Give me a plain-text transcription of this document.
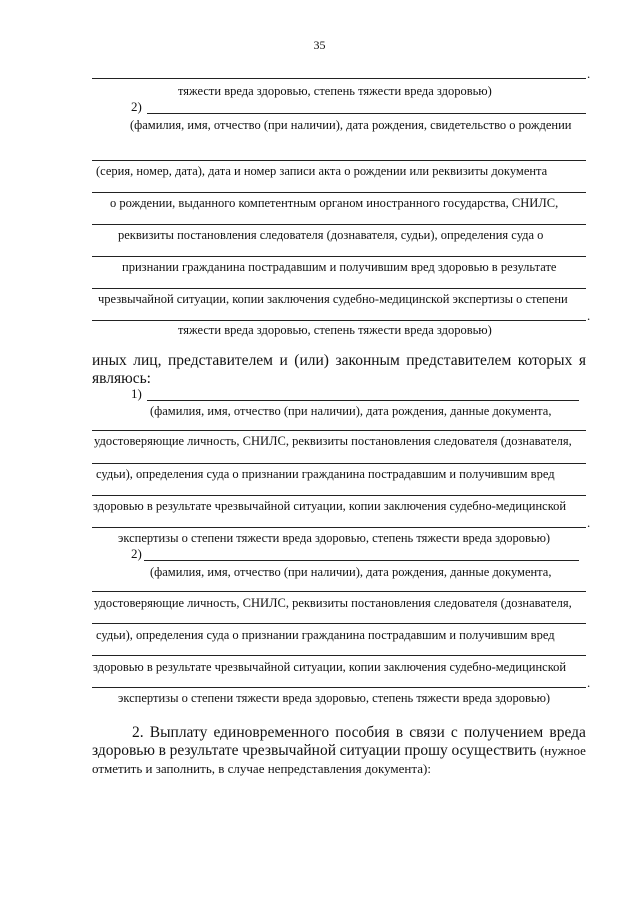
35
.
тяжести вреда здоровью, степень тяжести вреда здоровью)
2)
(фамилия, имя, отчество (при наличии), дата рождения, свидетельство о рождении
(серия, номер, дата), дата и номер записи акта о рождении или реквизиты документа
о рождении, выданного компетентным органом иностранного государства, СНИЛС,
реквизиты постановления следователя (дознавателя, судьи), определения суда о
признании гражданина пострадавшим и получившим вред здоровью в результате
чрезвычайной ситуации, копии заключения судебно-медицинской экспертизы о степени
.
тяжести вреда здоровью, степень тяжести вреда здоровью)
иных лиц, представителем и (или) законным представителем которых я
являюсь:
1)
(фамилия, имя, отчество (при наличии), дата рождения, данные документа,
удостоверяющие личность, СНИЛС, реквизиты постановления следователя (дознавателя,
судьи), определения суда о признании гражданина пострадавшим и получившим вред
здоровью в результате чрезвычайной ситуации, копии заключения судебно-медицинской
.
экспертизы о степени тяжести вреда здоровью, степень тяжести вреда здоровью)
2)
(фамилия, имя, отчество (при наличии), дата рождения, данные документа,
удостоверяющие личность, СНИЛС, реквизиты постановления следователя (дознавателя,
судьи), определения суда о признании гражданина пострадавшим и получившим вред
здоровью в результате чрезвычайной ситуации, копии заключения судебно-медицинской
.
экспертизы о степени тяжести вреда здоровью, степень тяжести вреда здоровью)
2. Выплату единовременного пособия в связи с получением вреда
здоровью в результате чрезвычайной ситуации прошу осуществить (нужное
отметить и заполнить, в случае непредставления документа):
